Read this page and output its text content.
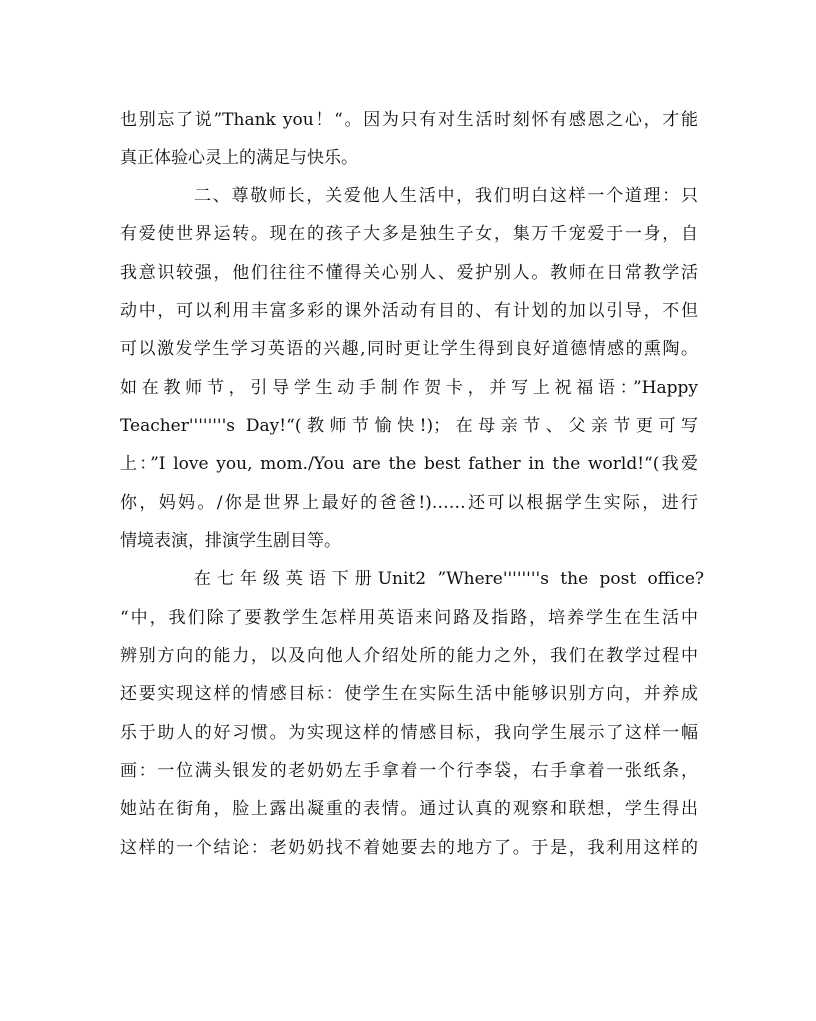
也别忘了说”Thank you！“。因为只有对生活时刻怀有感恩之心，才能
真正体验心灵上的满足与快乐。
二、尊敬师长，关爱他人生活中，我们明白这样一个道理：只
有爱使世界运转。现在的孩子大多是独生子女，集万千宠爱于一身，自
我意识较强，他们往往不懂得关心别人、爱护别人。教师在日常教学活
动中，可以利用丰富多彩的课外活动有目的、有计划的加以引导，不但
可以激发学生学习英语的兴趣,同时更让学生得到良好道德情感的熏陶。
如在教师节，引导学生动手制作贺卡，并写上祝福语：”Happy
Teacher''''''''s Day!“(教师节愉快!)；在母亲节、父亲节更可写
上：”I love you, mom./You are the best father in the world!“(我爱
你，妈妈。/你是世界上最好的爸爸!)……还可以根据学生实际，进行
情境表演，排演学生剧目等。
在七年级英语下册Unit2 ”Where''''''''s the post office?
“中，我们除了要教学生怎样用英语来问路及指路，培养学生在生活中
辨别方向的能力，以及向他人介绍处所的能力之外，我们在教学过程中
还要实现这样的情感目标：使学生在实际生活中能够识别方向，并养成
乐于助人的好习惯。为实现这样的情感目标，我向学生展示了这样一幅
画：一位满头银发的老奶奶左手拿着一个行李袋，右手拿着一张纸条，
她站在街角，脸上露出凝重的表情。通过认真的观察和联想，学生得出
这样的一个结论：老奶奶找不着她要去的地方了。于是，我利用这样的
